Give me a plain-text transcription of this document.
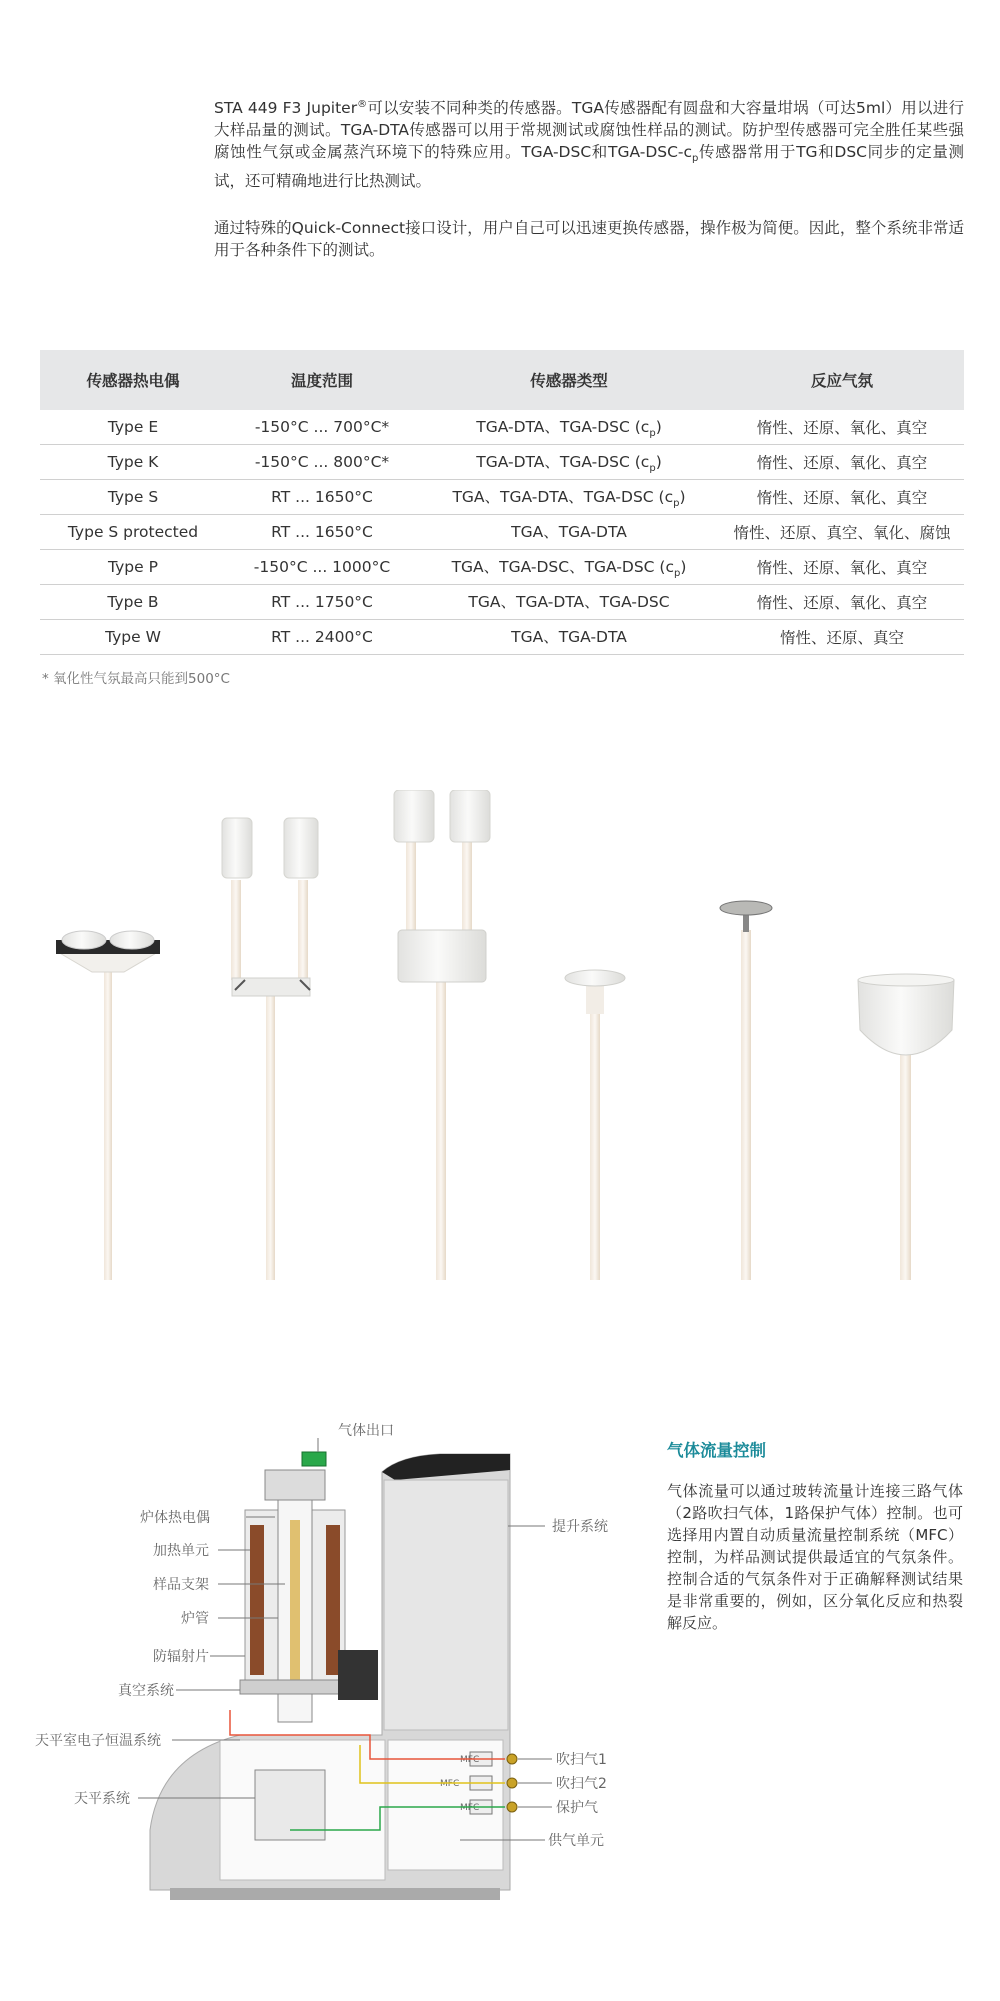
STA 449 F3 Jupiter®可以安装不同种类的传感器。TGA传感器配有圆盘和大容量坩埚（可达5ml）用以进行大样品量的测试。TGA-DTA传感器可以用于常规测试或腐蚀性样品的测试。防护型传感器可完全胜任某些强腐蚀性气氛或金属蒸汽环境下的特殊应用。TGA-DSC和TGA-$DSC-c_p$传感器常用于TG和DSC同步的定量测试，还可精确地进行比热测试。

通过特殊的Quick-Connect接口设计，用户自己可以迅速更换传感器，操作极为简便。因此，整个系统非常适用于各种条件下的测试。

传感器热电偶	温度范围	传感器类型	反应气氛
Type E	-150°C ... 700°C*	TGA-DTA、TGA-DSC $(c_p)$	惰性、还原、氧化、真空
Type K	-150°C ... 800°C*	TGA-DTA、TGA-DSC $(c_p)$	惰性、还原、氧化、真空
Type S	RT ... 1650°C	TGA、TGA-DTA、TGA-DSC $(c_p)$	惰性、还原、氧化、真空
Type S protected	RT ... 1650°C	TGA、TGA-DTA	惰性、还原、真空、氧化、腐蚀
Type P	-150°C ... 1000°C	TGA、TGA-DSC、TGA-DSC $(c_p)$	惰性、还原、氧化、真空
Type B	RT ... 1750°C	TGA、TGA-DTA、TGA-DSC	惰性、还原、氧化、真空
Type W	RT ... 2400°C	TGA、TGA-DTA	惰性、还原、真空
* 氧化性气氛最高只能到500°C
MFC
MFC
MFC
气体出口
炉体热电偶
加热单元
样品支架
炉管
防辐射片
真空系统
天平室电子恒温系统
天平系统
提升系统
吹扫气1
吹扫气2
保护气
供气单元
气体流量控制
气体流量可以通过玻转流量计连接三路气体（2路吹扫气体，1路保护气体）控制。也可选择用内置自动质量流量控制系统（MFC）控制，为样品测试提供最适宜的气氛条件。控制合适的气氛条件对于正确解释测试结果是非常重要的，例如，区分氧化反应和热裂解反应。
